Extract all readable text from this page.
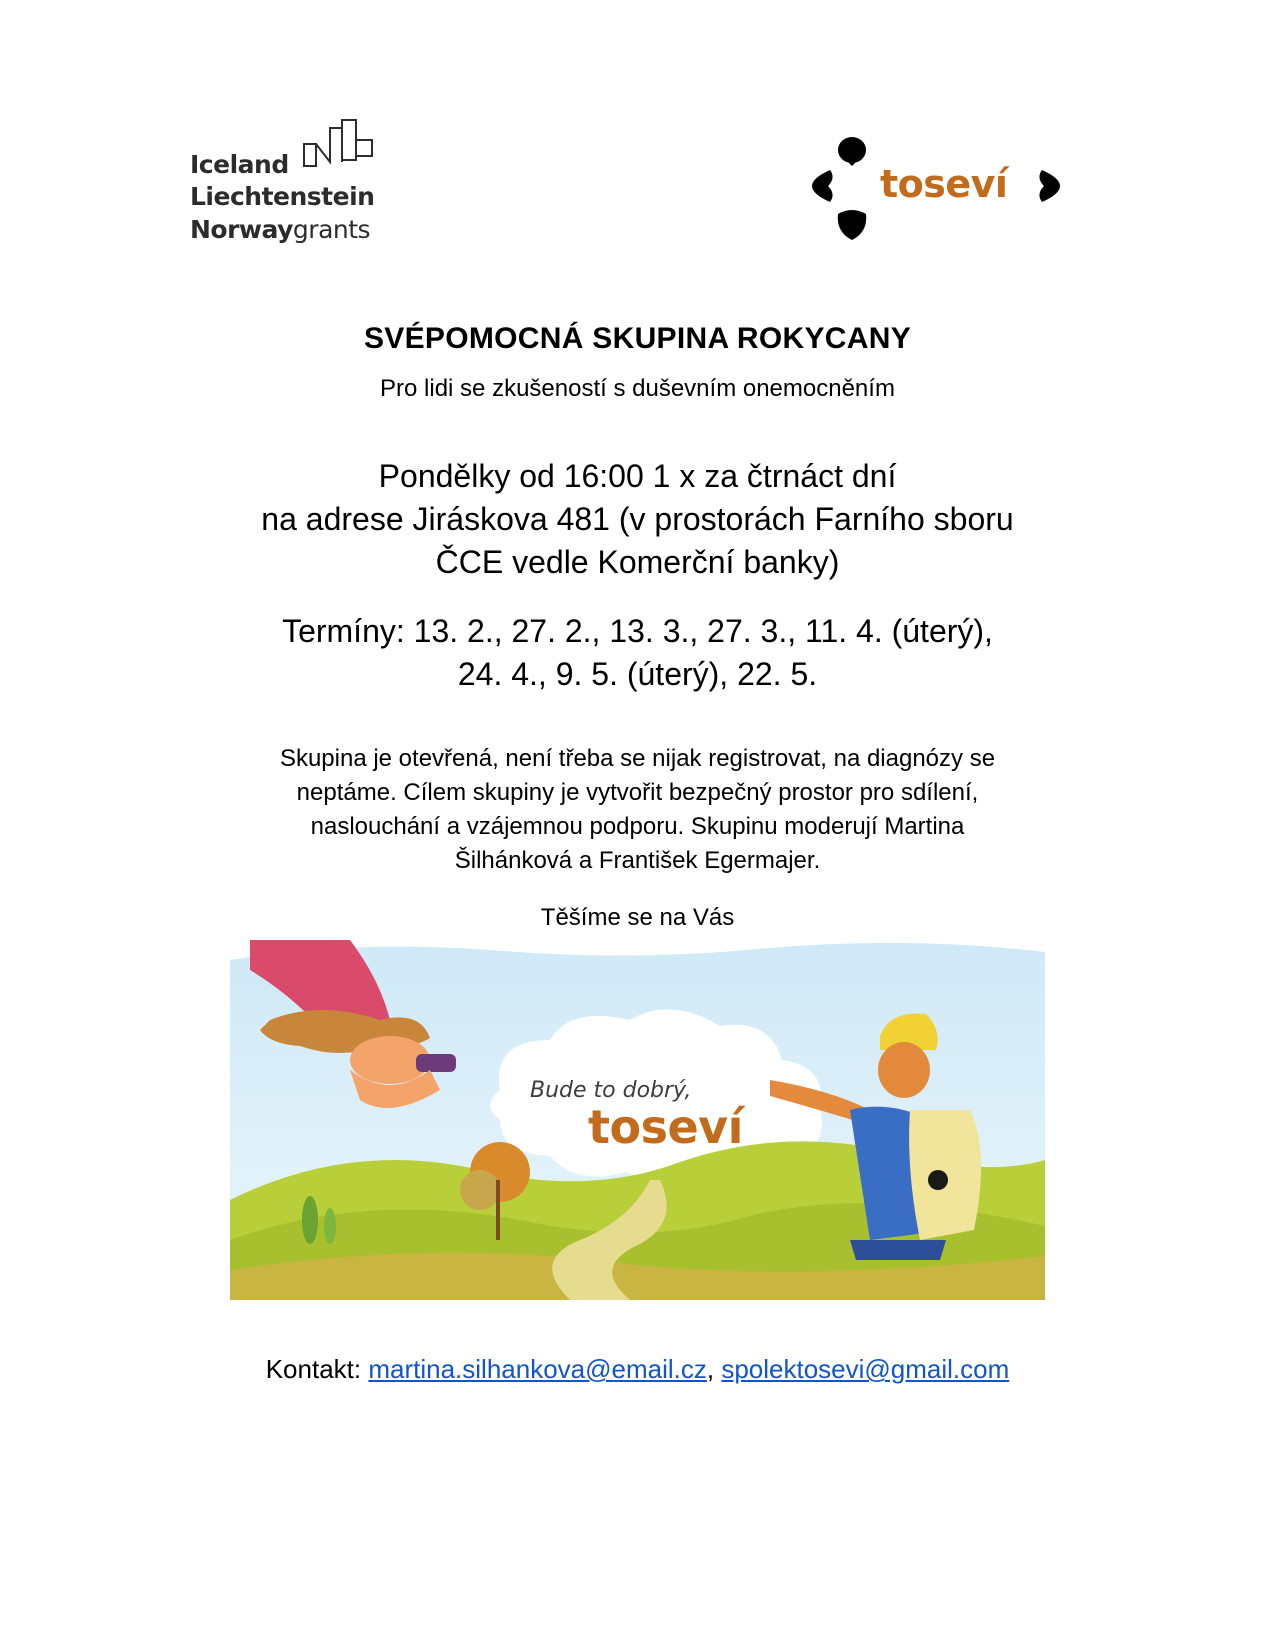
Iceland
Liechtenstein
Norwaygrants
toseví
SVÉPOMOCNÁ SKUPINA ROKYCANY
Pro lidi se zkušeností s duševním onemocněním
Pondělky od 16:00 1 x za čtrnáct dní
na adrese Jiráskova 481 (v prostorách Farního sboru
ČCE vedle Komerční banky)
Termíny: 13. 2., 27. 2., 13. 3., 27. 3., 11. 4. (úterý),
24. 4., 9. 5. (úterý), 22. 5.
Skupina je otevřená, není třeba se nijak registrovat, na diagnózy se
neptáme. Cílem skupiny je vytvořit bezpečný prostor pro sdílení,
naslouchání a vzájemnou podporu. Skupinu moderují Martina
Šilhánková a František Egermajer.
Těšíme se na Vás
Bude to dobrý,
toseví
Kontakt: martina.silhankova@email.cz, spolektosevi@gmail.com
